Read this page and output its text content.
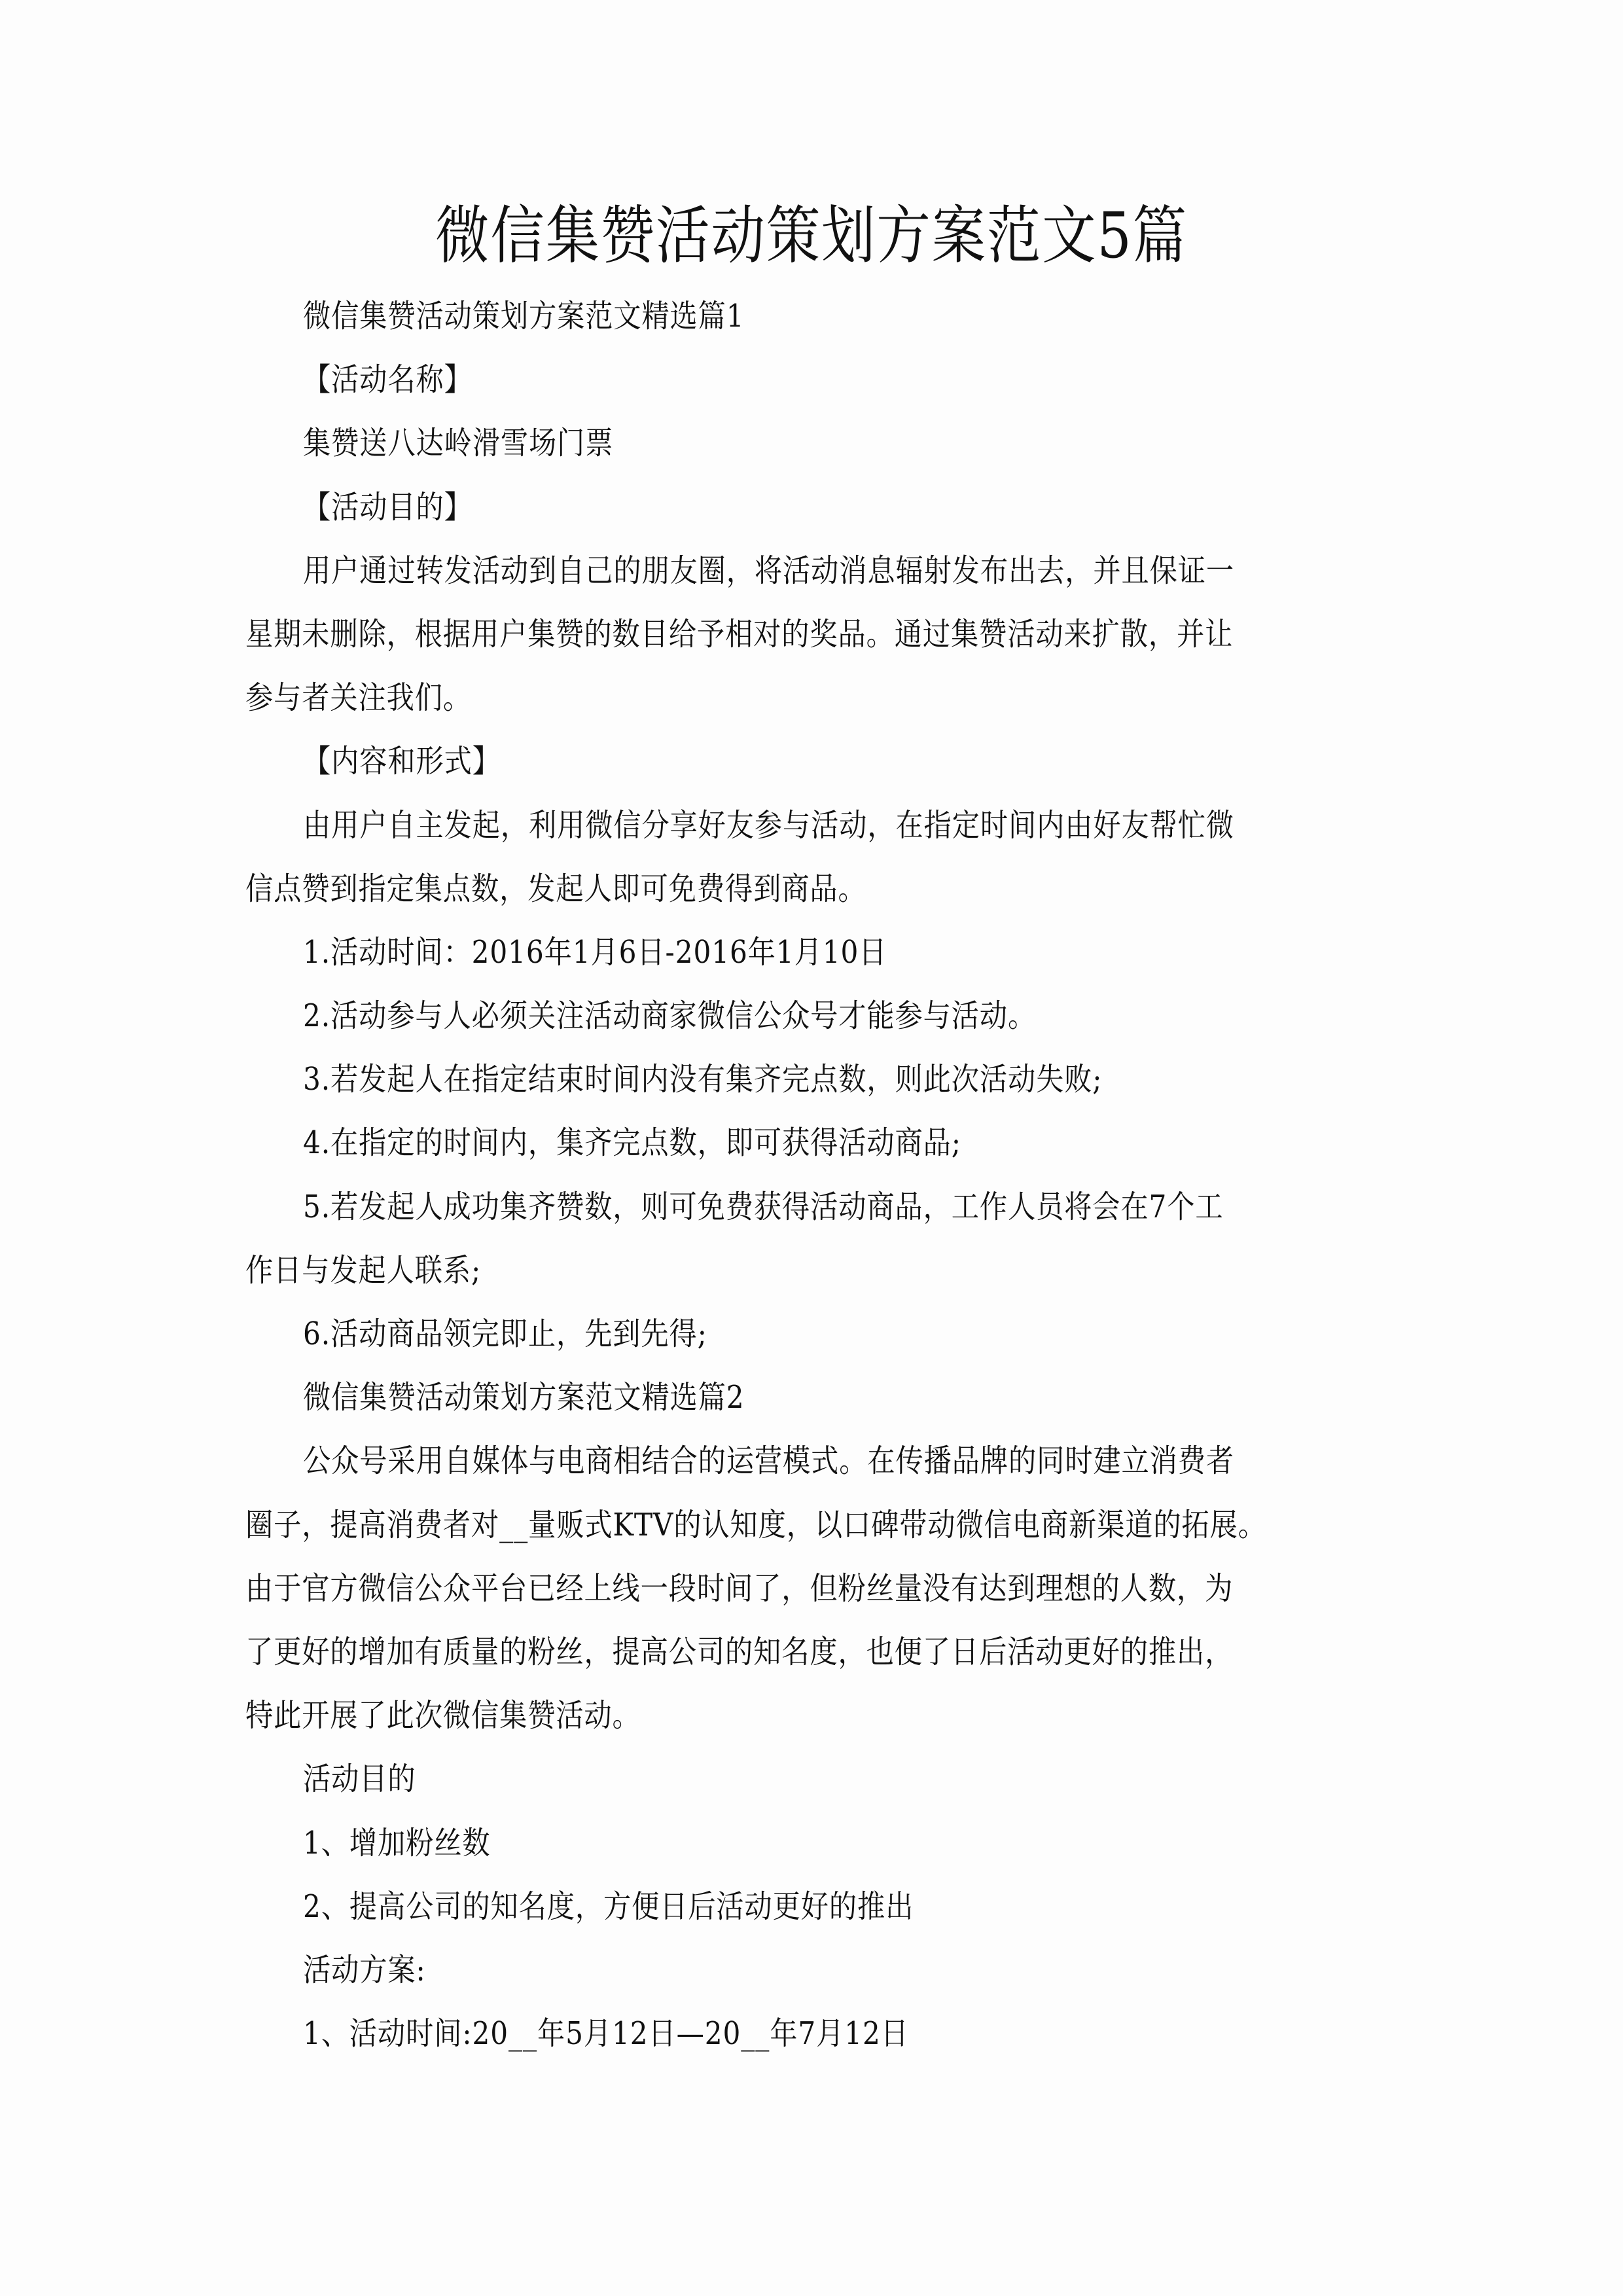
微信集赞活动策划方案范文5篇
微信集赞活动策划方案范文精选篇1
【活动名称】
集赞送八达岭滑雪场门票
【活动目的】
用户通过转发活动到自己的朋友圈，将活动消息辐射发布出去，并且保证一
星期未删除，根据用户集赞的数目给予相对的奖品。通过集赞活动来扩散，并让
参与者关注我们。
【内容和形式】
由用户自主发起，利用微信分享好友参与活动，在指定时间内由好友帮忙微
信点赞到指定集点数，发起人即可免费得到商品。
1.活动时间：2016年1月6日-2016年1月10日
2.活动参与人必须关注活动商家微信公众号才能参与活动。
3.若发起人在指定结束时间内没有集齐完点数，则此次活动失败;
4.在指定的时间内，集齐完点数，即可获得活动商品;
5.若发起人成功集齐赞数，则可免费获得活动商品，工作人员将会在7个工
作日与发起人联系;
6.活动商品领完即止，先到先得;
微信集赞活动策划方案范文精选篇2
公众号采用自媒体与电商相结合的运营模式。在传播品牌的同时建立消费者
圈子，提高消费者对__量贩式KTV的认知度，以口碑带动微信电商新渠道的拓展。
由于官方微信公众平台已经上线一段时间了，但粉丝量没有达到理想的人数，为
了更好的增加有质量的粉丝，提高公司的知名度，也便了日后活动更好的推出，
特此开展了此次微信集赞活动。
活动目的
1、增加粉丝数
2、提高公司的知名度，方便日后活动更好的推出
活动方案:
1、活动时间:20__年5月12日—20__年7月12日
